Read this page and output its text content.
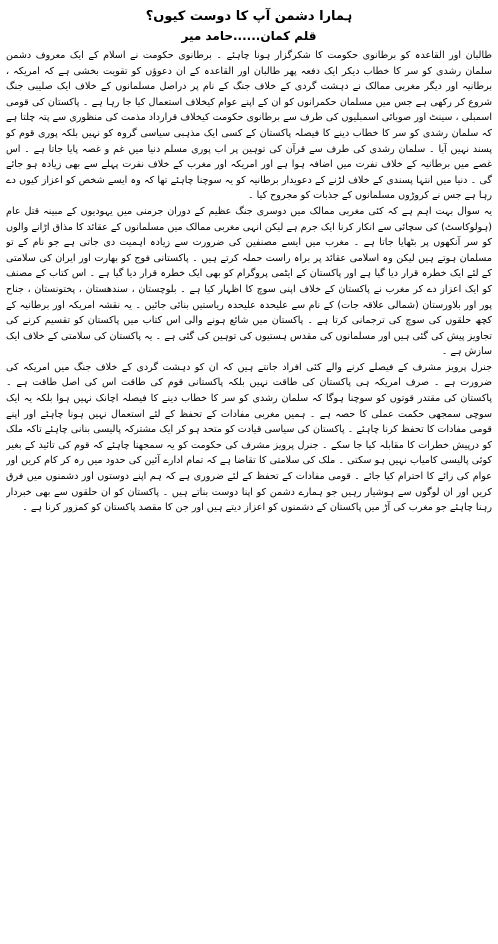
ہمارا دشمن آپ کا دوست کیوں؟
قلم کمان......حامد میر

طالبان اور القاعدہ کو برطانوی حکومت کا شکرگزار ہونا چاہئے ۔ برطانوی حکومت نے اسلام کے ایک معروف دشمن سلمان رشدی کو سر کا خطاب دیکر ایک دفعہ پھر طالبان اور القاعدہ کے ان دعوؤں کو تقویت بخشی ہے کہ امریکہ ، برطانیہ اور دیگر مغربی ممالک نے دہشت گردی کے خلاف جنگ کے نام پر دراصل مسلمانوں کے خلاف ایک صلیبی جنگ شروع کر رکھی ہے جس میں مسلمان حکمرانوں کو ان کے اپنے عوام کیخلاف استعمال کیا جا رہا ہے ۔ پاکستان کی قومی اسمبلی ، سینٹ اور صوبائی اسمبلیوں کی طرف سے برطانوی حکومت کیخلاف قرارداد مذمت کی منظوری سے پتہ چلتا ہے کہ سلمان رشدی کو سر کا خطاب دینے کا فیصلہ پاکستان کے کسی ایک مذہبی سیاسی گروہ کو نہیں بلکہ پوری قوم کو پسند نہیں آیا ۔ سلمان رشدی کی طرف سے قرآن کی توہین پر اب پوری مسلم دنیا میں غم و غصہ پایا جاتا ہے ۔ اس غصے میں برطانیہ کے خلاف نفرت میں اضافہ ہوا ہے اور امریکہ اور مغرب کے خلاف نفرت پہلے سے بھی زیادہ ہو جائے گی ۔ دنیا میں انتہا پسندی کے خلاف لڑنے کے دعویدار برطانیہ کو یہ سوچنا چاہئے تھا کہ وہ ایسے شخص کو اعزاز کیوں دے رہا ہے جس نے کروڑوں مسلمانوں کے جذبات کو مجروح کیا ۔

یہ سوال بہت اہم ہے کہ کئی مغربی ممالک میں دوسری جنگ عظیم کے دوران جرمنی میں یہودیوں کے مبینہ قتل عام (ہولوکاسٹ) کی سچائی سے انکار کرنا ایک جرم ہے لیکن انہی مغربی ممالک میں مسلمانوں کے عقائد کا مذاق اڑانے والوں کو سر آنکھوں پر بٹھایا جاتا ہے ۔ مغرب میں ایسے مصنفین کی ضرورت سے زیادہ اہمیت دی جاتی ہے جو نام کے تو مسلمان ہوتے ہیں لیکن وہ اسلامی عقائد پر براہ راست حملہ کرتے ہیں ۔ پاکستانی فوج کو بھارت اور ایران کی سلامتی کے لئے ایک خطرہ قرار دیا گیا ہے اور پاکستان کے ایٹمی پروگرام کو بھی ایک خطرہ قرار دیا گیا ہے ۔ اس کتاب کے مصنف کو ایک اعزاز دے کر مغرب نے پاکستان کے خلاف اپنی سوچ کا اظہار کیا ہے ۔ بلوچستان ، سندھستان ، پختونستان ، جناح پور اور بلاورستان (شمالی علاقہ جات) کے نام سے علیحدہ علیحدہ ریاستیں بنائی جائیں ۔ یہ نقشہ امریکہ اور برطانیہ کے کچھ حلقوں کی سوچ کی ترجمانی کرتا ہے ۔ پاکستان میں شائع ہونے والی اس کتاب میں پاکستان کو تقسیم کرنے کی تجاویز پیش کی گئی ہیں اور مسلمانوں کی مقدس ہستیوں کی توہین کی گئی ہے ۔ یہ پاکستان کی سلامتی کے خلاف ایک سازش ہے ۔

جنرل پرویز مشرف کے فیصلے کرنے والے کئی افراد جانتے ہیں کہ ان کو دہشت گردی کے خلاف جنگ میں امریکہ کی ضرورت ہے ۔ صرف امریکہ ہی پاکستان کی طاقت نہیں بلکہ پاکستانی قوم کی طاقت اس کی اصل طاقت ہے ۔ پاکستان کی مقتدر قوتوں کو سوچنا ہوگا کہ سلمان رشدی کو سر کا خطاب دینے کا فیصلہ اچانک نہیں ہوا بلکہ یہ ایک سوچی سمجھی حکمت عملی کا حصہ ہے ۔ ہمیں مغربی مفادات کے تحفظ کے لئے استعمال نہیں ہونا چاہئے اور اپنے قومی مفادات کا تحفظ کرنا چاہئے ۔ پاکستان کی سیاسی قیادت کو متحد ہو کر ایک مشترکہ پالیسی بنانی چاہئے تاکہ ملک کو درپیش خطرات کا مقابلہ کیا جا سکے ۔ جنرل پرویز مشرف کی حکومت کو یہ سمجھنا چاہئے کہ قوم کی تائید کے بغیر کوئی پالیسی کامیاب نہیں ہو سکتی ۔ ملک کی سلامتی کا تقاضا ہے کہ تمام ادارے آئین کی حدود میں رہ کر کام کریں اور عوام کی رائے کا احترام کیا جائے ۔ قومی مفادات کے تحفظ کے لئے ضروری ہے کہ ہم اپنے دوستوں اور دشمنوں میں فرق کریں اور ان لوگوں سے ہوشیار رہیں جو ہمارے دشمن کو اپنا دوست بناتے ہیں ۔ پاکستان کو ان حلقوں سے بھی خبردار رہنا چاہئے جو مغرب کی آڑ میں پاکستان کے دشمنوں کو اعزاز دیتے ہیں اور جن کا مقصد پاکستان کو کمزور کرنا ہے ۔
